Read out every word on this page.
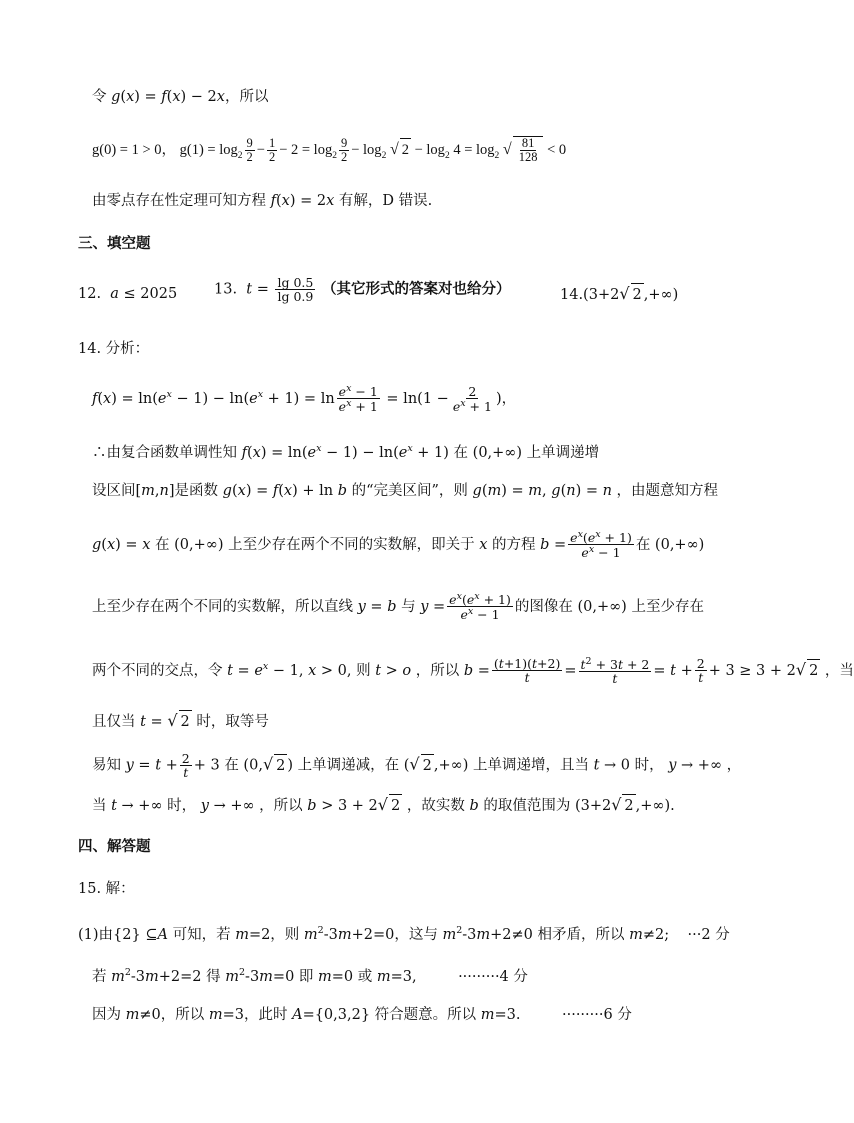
令 g(x) = f(x) − 2x，所以
g(0) = 1 > 0， $g(1) = \log_2 \frac{9}{2} - \frac{1}{2} - 2 = \log_2 \frac{9}{2} - \log_2$ √ $2 - \log_2 4 = \log_2$ √ $\frac{81}{128} < 0$
由零点存在性定理可知方程 f(x) = 2x 有解，D 错误.
三、填空题
12.  a ≤ 2025	13.  $t = \frac{\lg 0.5}{\lg 0.9}$ （其它形式的答案对也给分）	14.(3+2√ 2 ,+∞)
14. 分析：
$f(x) = \ln(e^x - 1) - \ln(e^x + 1) = \ln \frac{e^x - 1}{e^x + 1} = \ln(1 - \frac{2}{e^x + 1}$ )，
∴由复合函数单调性知 $f(x) = \ln(e^x - 1) - \ln(e^x + 1)$ 在 (0,+∞) 上单调递增
设区间[m,n]是函数 g(x) = f(x) + ln b 的“完美区间”，则 g(m) = m, g(n) = n ，由题意知方程
g(x) = x 在 (0,+∞) 上至少存在两个不同的实数解，即关于 x 的方程 $b = \frac{e^x(e^x + 1)}{e^x - 1}$ 在 (0,+∞)
上至少存在两个不同的实数解，所以直线 y = b 与 $y = \frac{e^x(e^x + 1)}{e^x - 1}$ 的图像在 (0,+∞) 上至少存在
两个不同的交点，令 $t = e^x - 1$, x > 0, 则 t > o ，所以 $b = \frac{(t+1)(t+2)}{t} = \frac{t^2 + 3t + 2}{t} = t + \frac{2}{t} + 3 \ge 3 + 2√$ 2 ，当
且仅当 t = √ 2 时，取等号
易知 $y = t + \frac{2}{t} + 3$ 在 (0,√ 2 ) 上单调递减，在 (√ 2 ,+∞) 上单调递增，且当 t → 0 时， y → +∞ ，
当 t → +∞ 时， y → +∞ ，所以 b > 3 + 2√ 2 ，故实数 b 的取值范围为 (3+2√ 2 ,+∞).
四、解答题
15. 解：
(1)由{2} ⊆A 可知，若 m=2，则 $m^2-3m+2=0$，这与 $m^2-3m+2\ne 0$ 相矛盾，所以 m≠2;    ···2 分
若 $m^2-3m+2=2$ 得 $m^2-3m=0$ 即 m=0 或 m=3,         ·········4 分
因为 m≠0，所以 m=3，此时 A={0,3,2} 符合题意。所以 m=3.         ·········6 分
